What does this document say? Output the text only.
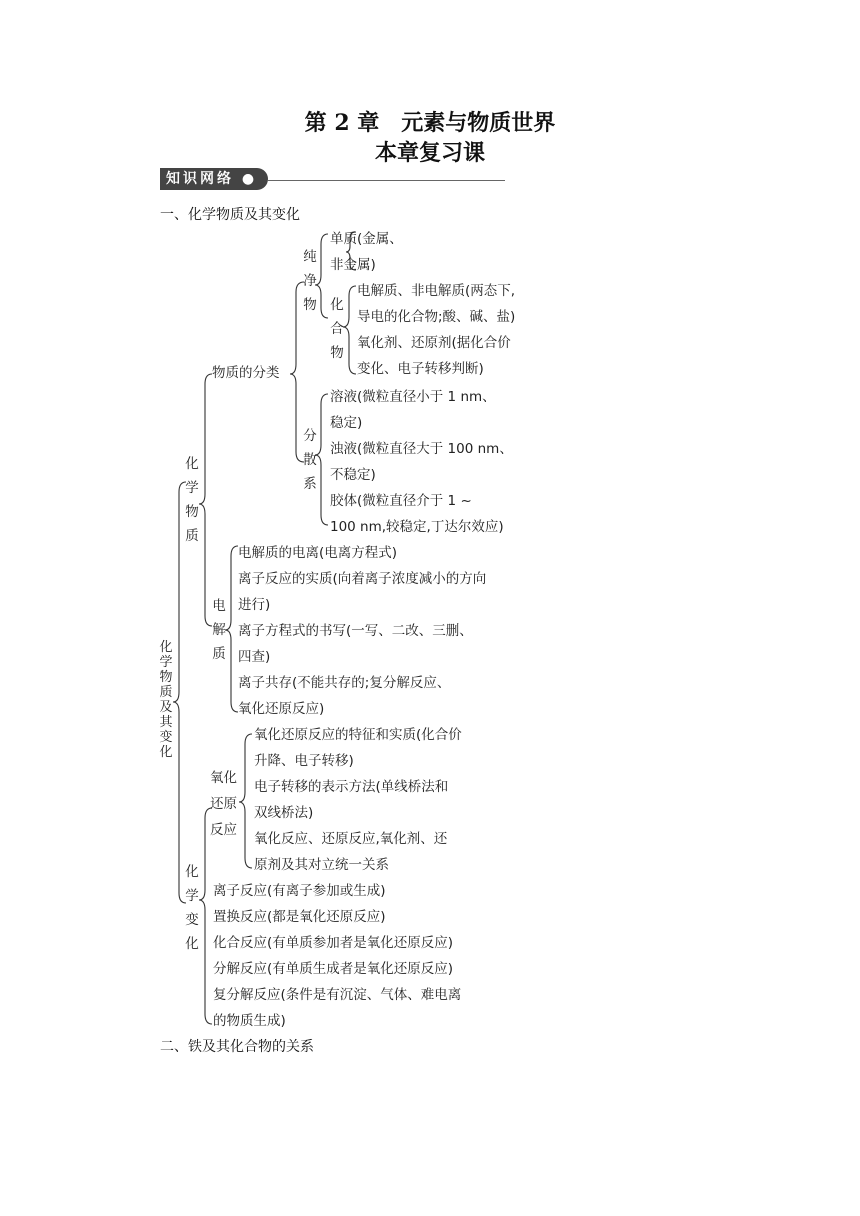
第 2 章　元素与物质世界
本章复习课
知识网络 ●
一、化学物质及其变化
化学物质及其变化
化学物质
物质的分类
纯净物
单质(金属、
非金属)
化合物
电解质、非电解质(两态下,
导电的化合物;酸、碱、盐)
氧化剂、还原剂(据化合价
变化、电子转移判断)
分散系
溶液(微粒直径小于 1 nm、
稳定)
浊液(微粒直径大于 100 nm、
不稳定)
胶体(微粒直径介于 1 ~
100 nm,较稳定,丁达尔效应)
电解质
电解质的电离(电离方程式)
离子反应的实质(向着离子浓度减小的方向
进行)
离子方程式的书写(一写、二改、三删、
四查)
离子共存(不能共存的;复分解反应、
氧化还原反应)
化学变化
氧化还原反应
氧化还原反应的特征和实质(化合价
升降、电子转移)
电子转移的表示方法(单线桥法和
双线桥法)
氧化反应、还原反应,氧化剂、还
原剂及其对立统一关系
离子反应(有离子参加或生成)
置换反应(都是氧化还原反应)
化合反应(有单质参加者是氧化还原反应)
分解反应(有单质生成者是氧化还原反应)
复分解反应(条件是有沉淀、气体、难电离
的物质生成)
二、铁及其化合物的关系
